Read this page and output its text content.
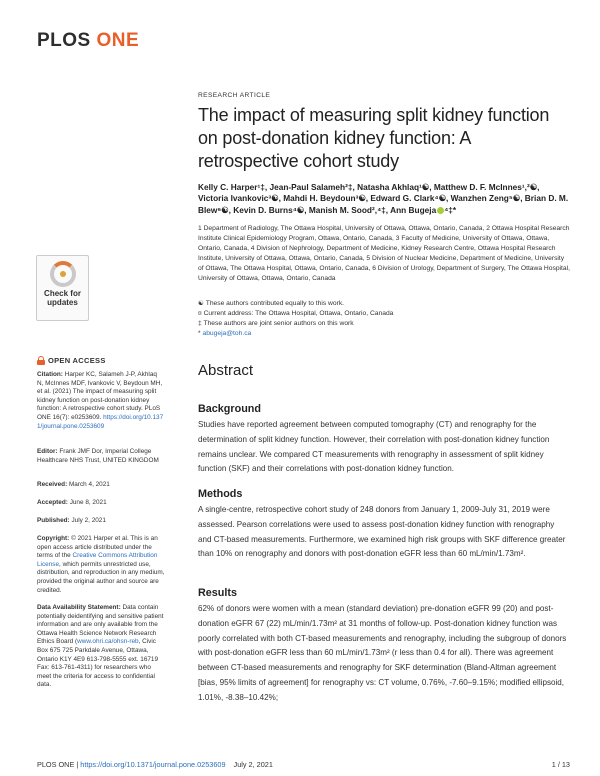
PLOS ONE
Check for
updates
OPEN ACCESS
Citation: Harper KC, Salameh J-P, Akhlaq N, McInnes MDF, Ivankovic V, Beydoun MH, et al. (2021) The impact of measuring split kidney function on post-donation kidney function: A retrospective cohort study. PLoS ONE 16(7): e0253609. https://doi.org/10.1371/journal.pone.0253609
Editor: Frank JMF Dor, Imperial College Healthcare NHS Trust, UNITED KINGDOM
Received: March 4, 2021
Accepted: June 8, 2021
Published: July 2, 2021
Copyright: © 2021 Harper et al. This is an open access article distributed under the terms of the Creative Commons Attribution License, which permits unrestricted use, distribution, and reproduction in any medium, provided the original author and source are credited.
Data Availability Statement: Data contain potentially deidentifying and sensitive patient information and are only available from the Ottawa Health Science Network Research Ethics Board (www.ohri.ca/ohsn-reb, Civic Box 675 725 Parkdale Avenue, Ottawa, Ontario K1Y 4E9 613-798-5555 ext. 16719 Fax: 613-761-4311) for researchers who meet the criteria for access to confidential data.
RESEARCH ARTICLE
The impact of measuring split kidney function on post-donation kidney function: A retrospective cohort study
Kelly C. Harper¹‡, Jean-Paul Salameh²‡, Natasha Akhlaq¹☯, Matthew D. F. McInnes¹,²☯, Victoria Ivankovic³☯, Mahdi H. Beydoun³☯, Edward G. Clark⁴☯, Wanzhen Zeng⁵☯, Brian D. M. Blew⁶☯, Kevin D. Burns⁴☯, Manish M. Sood²,⁴‡, Ann Bugeja ⁴‡*
1 Department of Radiology, The Ottawa Hospital, University of Ottawa, Ottawa, Ontario, Canada, 2 Ottawa Hospital Research Institute Clinical Epidemiology Program, Ottawa, Ontario, Canada, 3 Faculty of Medicine, University of Ottawa, Ottawa, Ontario, Canada, 4 Division of Nephrology, Department of Medicine, Kidney Research Centre, Ottawa Hospital Research Institute, University of Ottawa, Ottawa, Ontario, Canada, 5 Division of Nuclear Medicine, Department of Medicine, University of Ottawa, The Ottawa Hospital, Ottawa, Ontario, Canada, 6 Division of Urology, Department of Surgery, The Ottawa Hospital, University of Ottawa, Ottawa, Ontario, Canada
☯ These authors contributed equally to this work.
¤ Current address: The Ottawa Hospital, Ottawa, Ontario, Canada
‡ These authors are joint senior authors on this work
* abugeja@toh.ca
Abstract
Background
Studies have reported agreement between computed tomography (CT) and renography for the determination of split kidney function. However, their correlation with post-donation kidney function remains unclear. We compared CT measurements with renography in assessment of split kidney function (SKF) and their correlations with post-donation kidney function.
Methods
A single-centre, retrospective cohort study of 248 donors from January 1, 2009-July 31, 2019 were assessed. Pearson correlations were used to assess post-donation kidney function with renography and CT-based measurements. Furthermore, we examined high risk groups with SKF difference greater than 10% on renography and donors with post-donation eGFR less than 60 mL/min/1.73m².
Results
62% of donors were women with a mean (standard deviation) pre-donation eGFR 99 (20) and post-donation eGFR 67 (22) mL/min/1.73m² at 31 months of follow-up. Post-donation kidney function was poorly correlated with both CT-based measurements and renography, including the subgroup of donors with post-donation eGFR less than 60 mL/min/1.73m² (r less than 0.4 for all). There was agreement between CT-based measurements and renography for SKF determination (Bland-Altman agreement [bias, 95% limits of agreement] for renography vs: CT volume, 0.76%, -7.60–9.15%; modified ellipsoid, 1.01%, -8.38–10.42%;
PLOS ONE | https://doi.org/10.1371/journal.pone.0253609 July 2, 2021	1 / 13
